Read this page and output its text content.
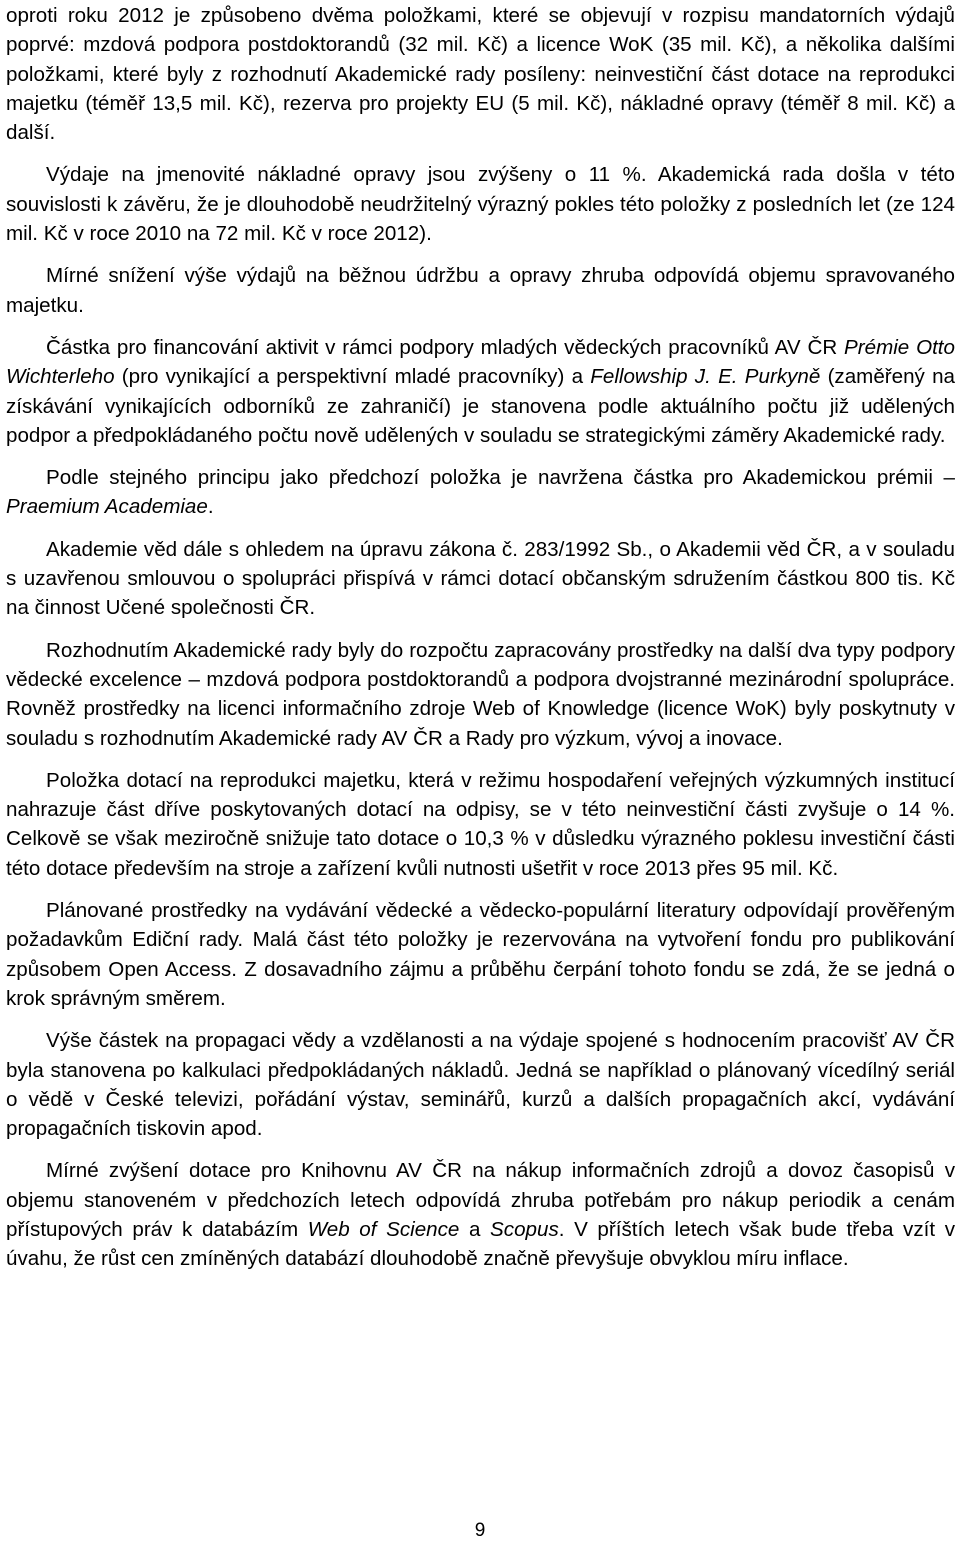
oproti roku 2012 je způsobeno dvěma položkami, které se objevují v rozpisu mandatorních výdajů poprvé: mzdová podpora postdoktorandů (32 mil. Kč) a licence WoK (35 mil. Kč), a několika dalšími položkami, které byly z rozhodnutí Akademické rady posíleny: neinvestiční část dotace na reprodukci majetku (téměř 13,5 mil. Kč), rezerva pro projekty EU (5 mil. Kč), nákladné opravy (téměř 8 mil. Kč) a další.

Výdaje na jmenovité nákladné opravy jsou zvýšeny o 11 %. Akademická rada došla v této souvislosti k závěru, že je dlouhodobě neudržitelný výrazný pokles této položky z posledních let (ze 124 mil. Kč v roce 2010 na 72 mil. Kč v roce 2012).

Mírné snížení výše výdajů na běžnou údržbu a opravy zhruba odpovídá objemu spravovaného majetku.

Částka pro financování aktivit v rámci podpory mladých vědeckých pracovníků AV ČR Prémie Otto Wichterleho (pro vynikající a perspektivní mladé pracovníky) a Fellowship J. E. Purkyně (zaměřený na získávání vynikajících odborníků ze zahraničí) je stanovena podle aktuálního počtu již udělených podpor a předpokládaného počtu nově udělených v souladu se strategickými záměry Akademické rady.

Podle stejného principu jako předchozí položka je navržena částka pro Akademickou prémii – Praemium Academiae.

Akademie věd dále s ohledem na úpravu zákona č. 283/1992 Sb., o Akademii věd ČR, a v souladu s uzavřenou smlouvou o spolupráci přispívá v rámci dotací občanským sdružením částkou 800 tis. Kč na činnost Učené společnosti ČR.

Rozhodnutím Akademické rady byly do rozpočtu zapracovány prostředky na další dva typy podpory vědecké excelence – mzdová podpora postdoktorandů a podpora dvojstranné mezinárodní spolupráce. Rovněž prostředky na licenci informačního zdroje Web of Knowledge (licence WoK) byly poskytnuty v souladu s rozhodnutím Akademické rady AV ČR a Rady pro výzkum, vývoj a inovace.

Položka dotací na reprodukci majetku, která v režimu hospodaření veřejných výzkumných institucí nahrazuje část dříve poskytovaných dotací na odpisy, se v této neinvestiční části zvyšuje o 14 %. Celkově se však meziročně snižuje tato dotace o 10,3 % v důsledku výrazného poklesu investiční části této dotace především na stroje a zařízení kvůli nutnosti ušetřit v roce 2013 přes 95 mil. Kč.

Plánované prostředky na vydávání vědecké a vědecko-populární literatury odpovídají prověřeným požadavkům Ediční rady. Malá část této položky je rezervována na vytvoření fondu pro publikování způsobem Open Access. Z dosavadního zájmu a průběhu čerpání tohoto fondu se zdá, že se jedná o krok správným směrem.

Výše částek na propagaci vědy a vzdělanosti a na výdaje spojené s hodnocením pracovišť AV ČR byla stanovena po kalkulaci předpokládaných nákladů. Jedná se například o plánovaný vícedílný seriál o vědě v České televizi, pořádání výstav, seminářů, kurzů a dalších propagačních akcí, vydávání propagačních tiskovin apod.

Mírné zvýšení dotace pro Knihovnu AV ČR na nákup informačních zdrojů a dovoz časopisů v objemu stanoveném v předchozích letech odpovídá zhruba potřebám pro nákup periodik a cenám přístupových práv k databázím Web of Science a Scopus. V příštích letech však bude třeba vzít v úvahu, že růst cen zmíněných databází dlouhodobě značně převyšuje obvyklou míru inflace.

9
